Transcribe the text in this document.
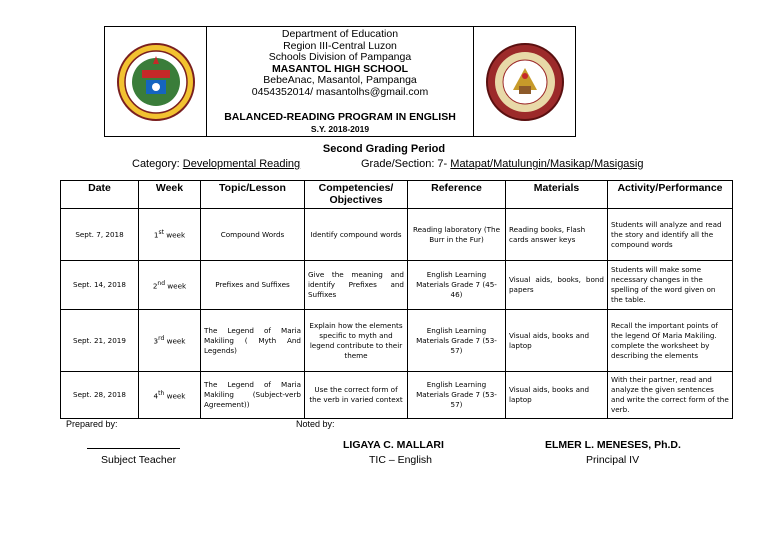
Department of Education
Region III-Central Luzon
Schools Division of Pampanga
MASANTOL HIGH SCHOOL
BebeAnac, Masantol, Pampanga
0454352014/ masantolhs@gmail.com
BALANCED-READING PROGRAM IN ENGLISH
S.Y. 2018-2019
Second Grading Period
Category: Developmental Reading	Grade/Section: 7- Matapat/Matulungin/Masikap/Masigasig
Date	Week	Topic/Lesson	Competencies/ Objectives	Reference	Materials	Activity/Performance
Sept. 7, 2018	1st week	Compound Words	Identify compound words	Reading laboratory (The Burr in the Fur)	Reading books, Flash cards answer keys	Students will analyze and read the story and identify all the compound words
Sept. 14, 2018	2nd week	Prefixes and Suffixes	Give the meaning and identify Prefixes and Suffixes	English Learning Materials Grade 7 (45-46)	Visual aids, books, bond papers	Students will make some necessary changes in the spelling of the word given on the table.
Sept. 21, 2019	3rd week	The Legend of Maria Makiling ( Myth And Legends)	Explain how the elements specific to myth and legend contribute to their theme	English Learning Materials Grade 7 (53-57)	Visual aids, books and laptop	Recall the important points of the legend Of Maria Makiling. complete the worksheet by describing the elements
Sept. 28, 2018	4th week	The Legend of Maria Makiling (Subject-verb Agreement))	Use the correct form of the verb in varied context	English Learning Materials Grade 7 (53-57)	Visual aids, books and laptop	With their partner, read and analyze the given sentences and write the correct form of the verb.
Prepared by:	Noted by:
Subject Teacher
LIGAYA C. MALLARI
TIC – English
ELMER L. MENESES, Ph.D.
Principal IV
